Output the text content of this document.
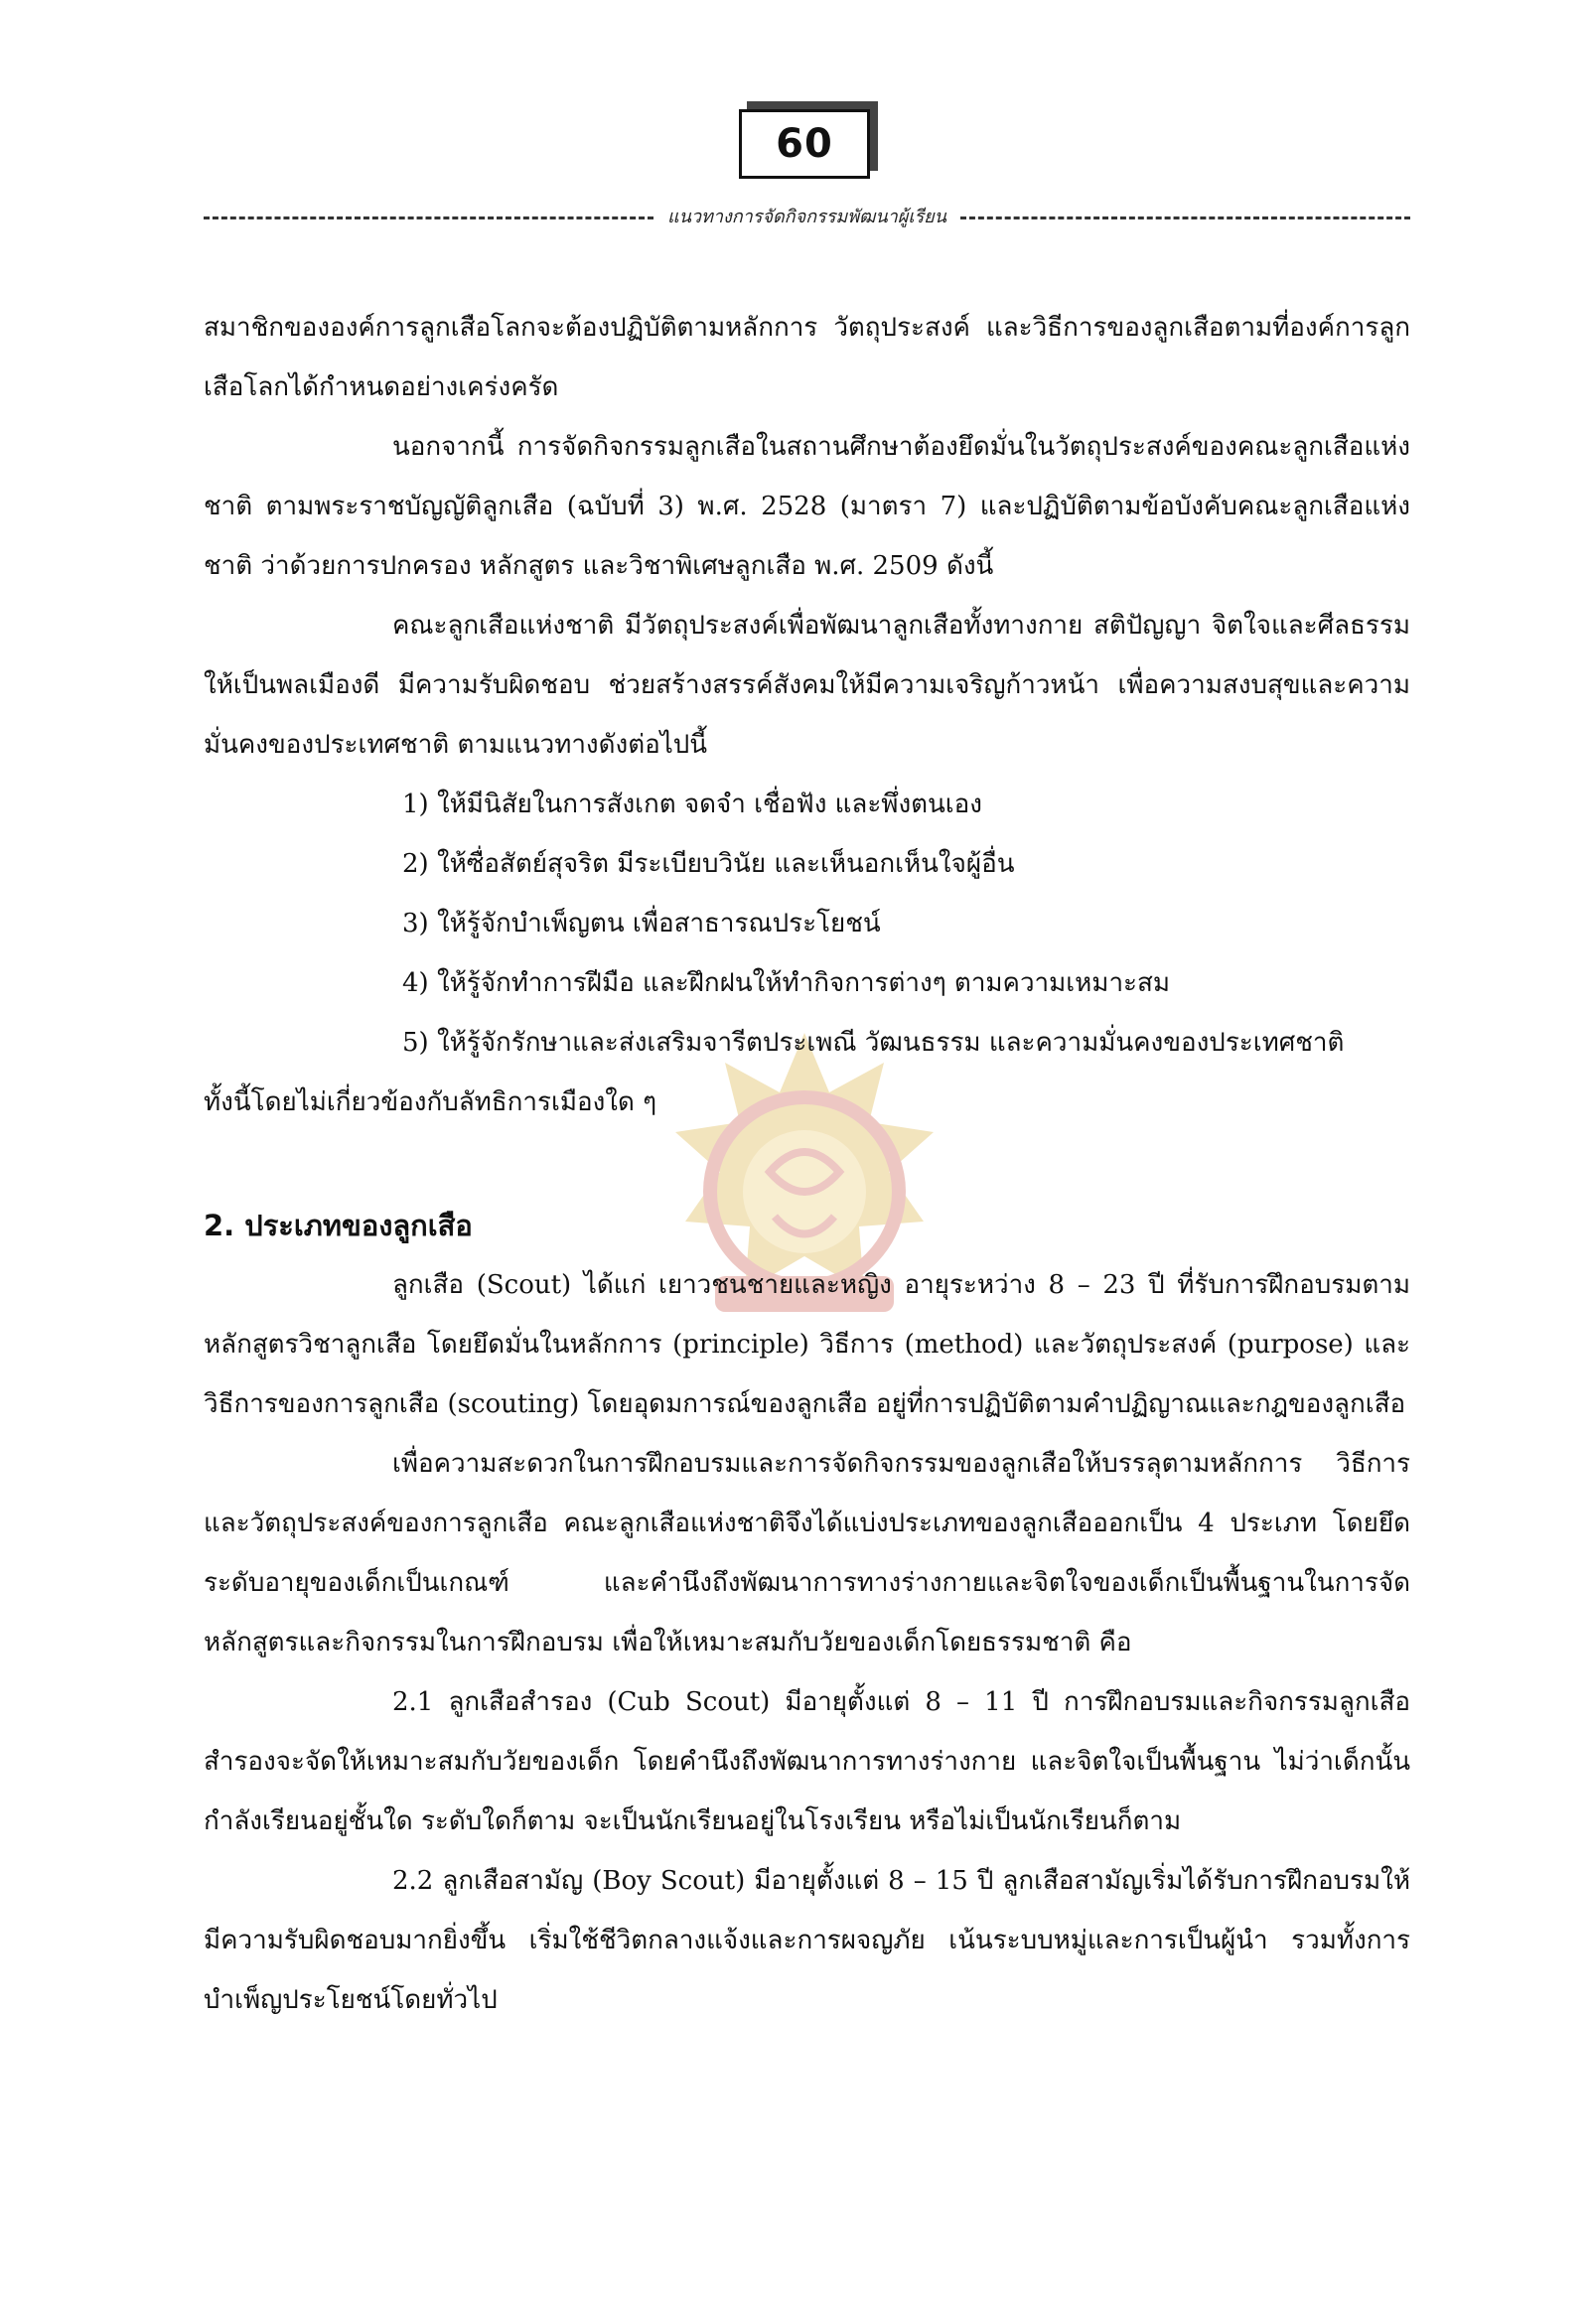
60
แนวทางการจัดกิจกรรมพัฒนาผู้เรียน

สมาชิกขององค์การลูกเสือโลกจะต้องปฏิบัติตามหลักการ วัตถุประสงค์ และวิธีการของลูกเสือตามที่องค์การลูกเสือโลกได้กำหนดอย่างเคร่งครัด

นอกจากนี้ การจัดกิจกรรมลูกเสือในสถานศึกษาต้องยึดมั่นในวัตถุประสงค์ของคณะลูกเสือแห่งชาติ ตามพระราชบัญญัติลูกเสือ (ฉบับที่ 3) พ.ศ. 2528 (มาตรา 7) และปฏิบัติตามข้อบังคับคณะลูกเสือแห่งชาติ ว่าด้วยการปกครอง หลักสูตร และวิชาพิเศษลูกเสือ พ.ศ. 2509 ดังนี้

คณะลูกเสือแห่งชาติ มีวัตถุประสงค์เพื่อพัฒนาลูกเสือทั้งทางกาย สติปัญญา จิตใจและศีลธรรม ให้เป็นพลเมืองดี มีความรับผิดชอบ ช่วยสร้างสรรค์สังคมให้มีความเจริญก้าวหน้า เพื่อความสงบสุขและความมั่นคงของประเทศชาติ ตามแนวทางดังต่อไปนี้

1) ให้มีนิสัยในการสังเกต จดจำ เชื่อฟัง และพึ่งตนเอง

2) ให้ซื่อสัตย์สุจริต มีระเบียบวินัย และเห็นอกเห็นใจผู้อื่น

3) ให้รู้จักบำเพ็ญตน เพื่อสาธารณประโยชน์

4) ให้รู้จักทำการฝีมือ และฝึกฝนให้ทำกิจการต่างๆ ตามความเหมาะสม

5) ให้รู้จักรักษาและส่งเสริมจารีตประเพณี วัฒนธรรม และความมั่นคงของประเทศชาติ

ทั้งนี้โดยไม่เกี่ยวข้องกับลัทธิการเมืองใด ๆ

2. ประเภทของลูกเสือ

ลูกเสือ (Scout) ได้แก่ เยาวชนชายและหญิง อายุระหว่าง 8 – 23 ปี ที่รับการฝึกอบรมตามหลักสูตรวิชาลูกเสือ โดยยึดมั่นในหลักการ (principle) วิธีการ (method) และวัตถุประสงค์ (purpose) และวิธีการของการลูกเสือ (scouting) โดยอุดมการณ์ของลูกเสือ อยู่ที่การปฏิบัติตามคำปฏิญาณและกฎของลูกเสือ

เพื่อความสะดวกในการฝึกอบรมและการจัดกิจกรรมของลูกเสือให้บรรลุตามหลักการ วิธีการและวัตถุประสงค์ของการลูกเสือ คณะลูกเสือแห่งชาติจึงได้แบ่งประเภทของลูกเสือออกเป็น 4 ประเภท โดยยึดระดับอายุของเด็กเป็นเกณฑ์ และคำนึงถึงพัฒนาการทางร่างกายและจิตใจของเด็กเป็นพื้นฐานในการจัดหลักสูตรและกิจกรรมในการฝึกอบรม เพื่อให้เหมาะสมกับวัยของเด็กโดยธรรมชาติ คือ

2.1 ลูกเสือสำรอง (Cub Scout) มีอายุตั้งแต่ 8 – 11 ปี การฝึกอบรมและกิจกรรมลูกเสือสำรองจะจัดให้เหมาะสมกับวัยของเด็ก โดยคำนึงถึงพัฒนาการทางร่างกาย และจิตใจเป็นพื้นฐาน ไม่ว่าเด็กนั้นกำลังเรียนอยู่ชั้นใด ระดับใดก็ตาม จะเป็นนักเรียนอยู่ในโรงเรียน หรือไม่เป็นนักเรียนก็ตาม

2.2 ลูกเสือสามัญ (Boy Scout) มีอายุตั้งแต่ 8 – 15 ปี ลูกเสือสามัญเริ่มได้รับการฝึกอบรมให้มีความรับผิดชอบมากยิ่งขึ้น เริ่มใช้ชีวิตกลางแจ้งและการผจญภัย เน้นระบบหมู่และการเป็นผู้นำ รวมทั้งการบำเพ็ญประโยชน์โดยทั่วไป
